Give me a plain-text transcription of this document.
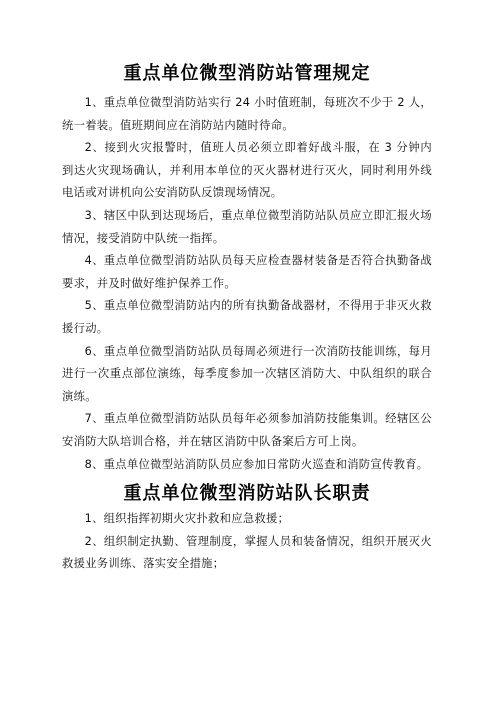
重点单位微型消防站管理规定

1、重点单位微型消防站实行 24 小时值班制，每班次不少于 2 人，统一着装。值班期间应在消防站内随时待命。

2、接到火灾报警时，值班人员必须立即着好战斗服，在 3 分钟内到达火灾现场确认，并利用本单位的灭火器材进行灭火，同时利用外线电话或对讲机向公安消防队反馈现场情况。

3、辖区中队到达现场后，重点单位微型消防站队员应立即汇报火场情况，接受消防中队统一指挥。

4、重点单位微型消防站队员每天应检查器材装备是否符合执勤备战要求，并及时做好维护保养工作。

5、重点单位微型消防站内的所有执勤备战器材，不得用于非灭火救援行动。

6、重点单位微型消防站队员每周必须进行一次消防技能训练，每月进行一次重点部位演练，每季度参加一次辖区消防大、中队组织的联合演练。

7、重点单位微型消防站队员每年必须参加消防技能集训。经辖区公安消防大队培训合格，并在辖区消防中队备案后方可上岗。

8、重点单位微型站消防队员应参加日常防火巡查和消防宣传教育。

重点单位微型消防站队长职责

1、组织指挥初期火灾扑救和应急救援；

2、组织制定执勤、管理制度，掌握人员和装备情况，组织开展灭火救援业务训练、落实安全措施；
